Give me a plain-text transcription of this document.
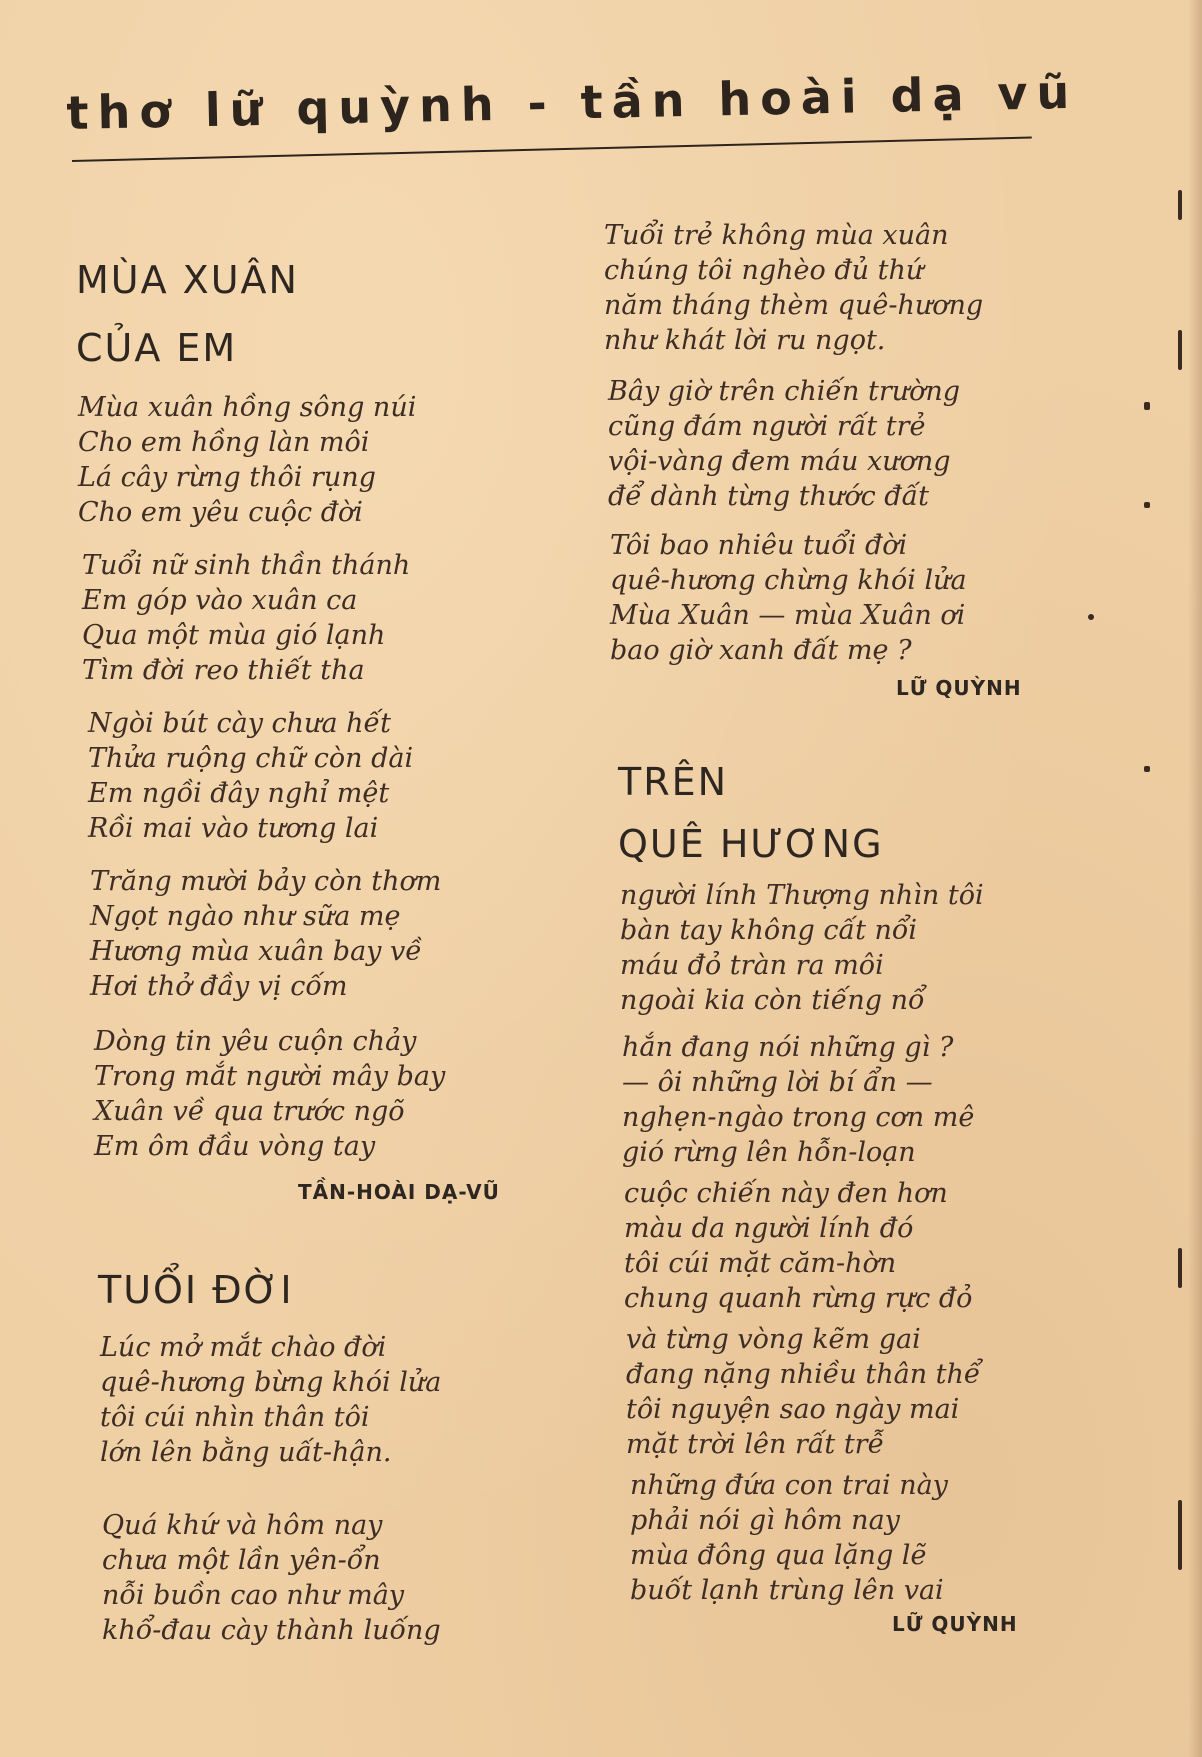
thơ lữ quỳnh - tần hoài dạ vũ
MÙA XUÂN
CỦA EM
Mùa xuân hồng sông núi
Cho em hồng làn môi
Lá cây rừng thôi rụng
Cho em yêu cuộc đời
Tuổi nữ sinh thần thánh
Em góp vào xuân ca
Qua một mùa gió lạnh
Tìm đời reo thiết tha
Ngòi bút cày chưa hết
Thửa ruộng chữ còn dài
Em ngồi đây nghỉ mệt
Rồi mai vào tương lai
Trăng mười bảy còn thơm
Ngọt ngào như sữa mẹ
Hương mùa xuân bay về
Hơi thở đầy vị cốm
Dòng tin yêu cuộn chảy
Trong mắt người mây bay
Xuân về qua trước ngõ
Em ôm đầu vòng tay
TẦN-HOÀI DẠ-VŨ
TUỔI ĐỜI
Lúc mở mắt chào đời
quê-hương bừng khói lửa
tôi cúi nhìn thân tôi
lớn lên bằng uất-hận.
Quá khứ và hôm nay
chưa một lần yên-ổn
nỗi buồn cao như mây
khổ-đau cày thành luống
Tuổi trẻ không mùa xuân
chúng tôi nghèo đủ thứ
năm tháng thèm quê-hương
như khát lời ru ngọt.
Bây giờ trên chiến trường
cũng đám người rất trẻ
vội-vàng đem máu xương
để dành từng thước đất
Tôi bao nhiêu tuổi đời
quê-hương chừng khói lửa
Mùa Xuân — mùa Xuân ơi
bao giờ xanh đất mẹ ?
LỮ QUỲNH
TRÊN
QUÊ HƯƠNG
người lính Thượng nhìn tôi
bàn tay không cất nổi
máu đỏ tràn ra môi
ngoài kia còn tiếng nổ
hắn đang nói những gì ?
— ôi những lời bí ẩn —
nghẹn-ngào trong cơn mê
gió rừng lên hỗn-loạn
cuộc chiến này đen hơn
màu da người lính đó
tôi cúi mặt căm-hờn
chung quanh rừng rực đỏ
và từng vòng kẽm gai
đang nặng nhiều thân thể
tôi nguyện sao ngày mai
mặt trời lên rất trễ
những đứa con trai này
phải nói gì hôm nay
mùa đông qua lặng lẽ
buốt lạnh trùng lên vai
LỮ QUỲNH
